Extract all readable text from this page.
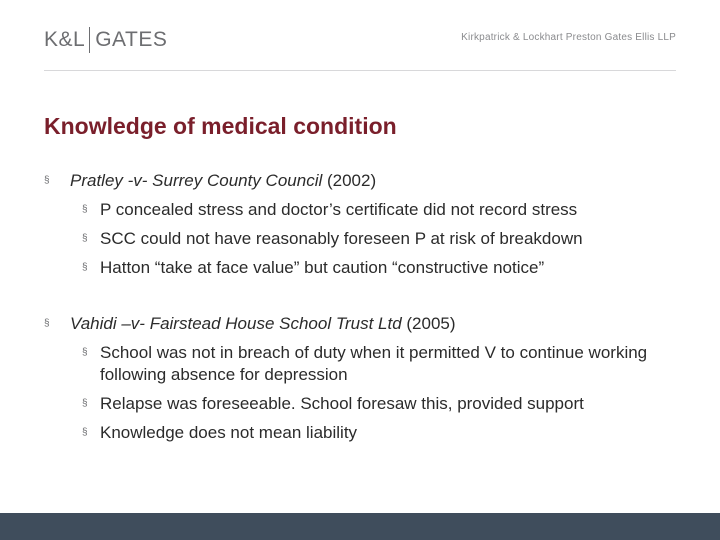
K&L GATES	Kirkpatrick & Lockhart Preston Gates Ellis LLP
Knowledge of medical condition
§ Pratley -v- Surrey County Council (2002)
§ P concealed stress and doctor’s certificate did not record stress
§ SCC could not have reasonably foreseen P at risk of breakdown
§ Hatton “take at face value” but caution “constructive notice”
§ Vahidi –v- Fairstead House School Trust Ltd (2005)
§ School was not in breach of duty when it permitted V to continue working following absence for depression
§ Relapse was foreseeable. School foresaw this, provided support
§ Knowledge does not mean liability
